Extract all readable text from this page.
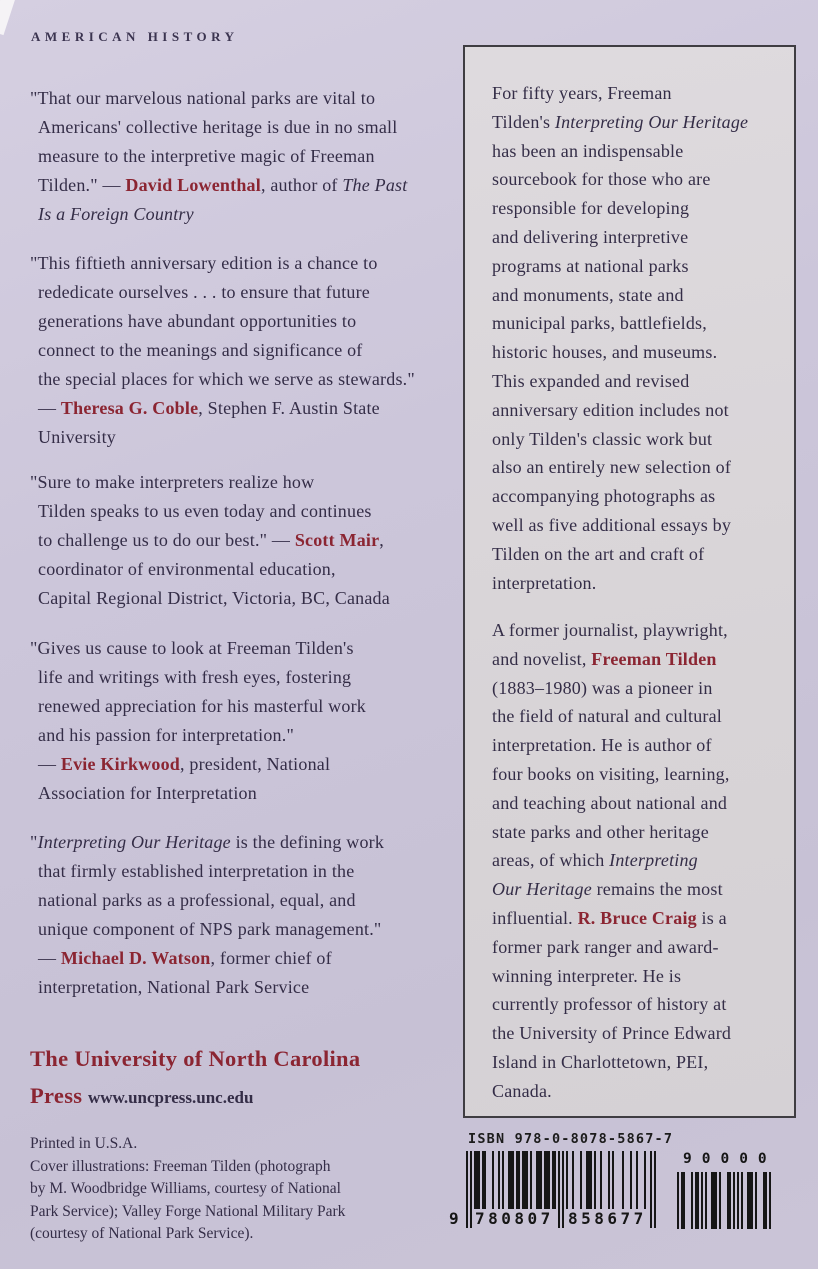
AMERICAN HISTORY
"That our marvelous national parks are vital to
Americans' collective heritage is due in no small
measure to the interpretive magic of Freeman
Tilden." — David Lowenthal, author of The Past
Is a Foreign Country
"This fiftieth anniversary edition is a chance to
rededicate ourselves . . . to ensure that future
generations have abundant opportunities to
connect to the meanings and significance of
the special places for which we serve as stewards."
— Theresa G. Coble, Stephen F. Austin State
University
"Sure to make interpreters realize how
Tilden speaks to us even today and continues
to challenge us to do our best." — Scott Mair,
coordinator of environmental education,
Capital Regional District, Victoria, BC, Canada
"Gives us cause to look at Freeman Tilden's
life and writings with fresh eyes, fostering
renewed appreciation for his masterful work
and his passion for interpretation."
— Evie Kirkwood, president, National
Association for Interpretation
"Interpreting Our Heritage is the defining work
that firmly established interpretation in the
national parks as a professional, equal, and
unique component of NPS park management."
— Michael D. Watson, former chief of
interpretation, National Park Service
The University of North Carolina
Press www.uncpress.unc.edu
Printed in U.S.A.
Cover illustrations: Freeman Tilden (photograph
by M. Woodbridge Williams, courtesy of National
Park Service); Valley Forge National Military Park
(courtesy of National Park Service).
For fifty years, Freeman
Tilden's Interpreting Our Heritage
has been an indispensable
sourcebook for those who are
responsible for developing
and delivering interpretive
programs at national parks
and monuments, state and
municipal parks, battlefields,
historic houses, and museums.
This expanded and revised
anniversary edition includes not
only Tilden's classic work but
also an entirely new selection of
accompanying photographs as
well as five additional essays by
Tilden on the art and craft of
interpretation.
A former journalist, playwright,
and novelist, Freeman Tilden
(1883–1980) was a pioneer in
the field of natural and cultural
interpretation. He is author of
four books on visiting, learning,
and teaching about national and
state parks and other heritage
areas, of which Interpreting
Our Heritage remains the most
influential. R. Bruce Craig is a
former park ranger and award-
winning interpreter. He is
currently professor of history at
the University of Prince Edward
Island in Charlottetown, PEI,
Canada.
ISBN 978-0-8078-5867-7
9 780807 858677
90000
